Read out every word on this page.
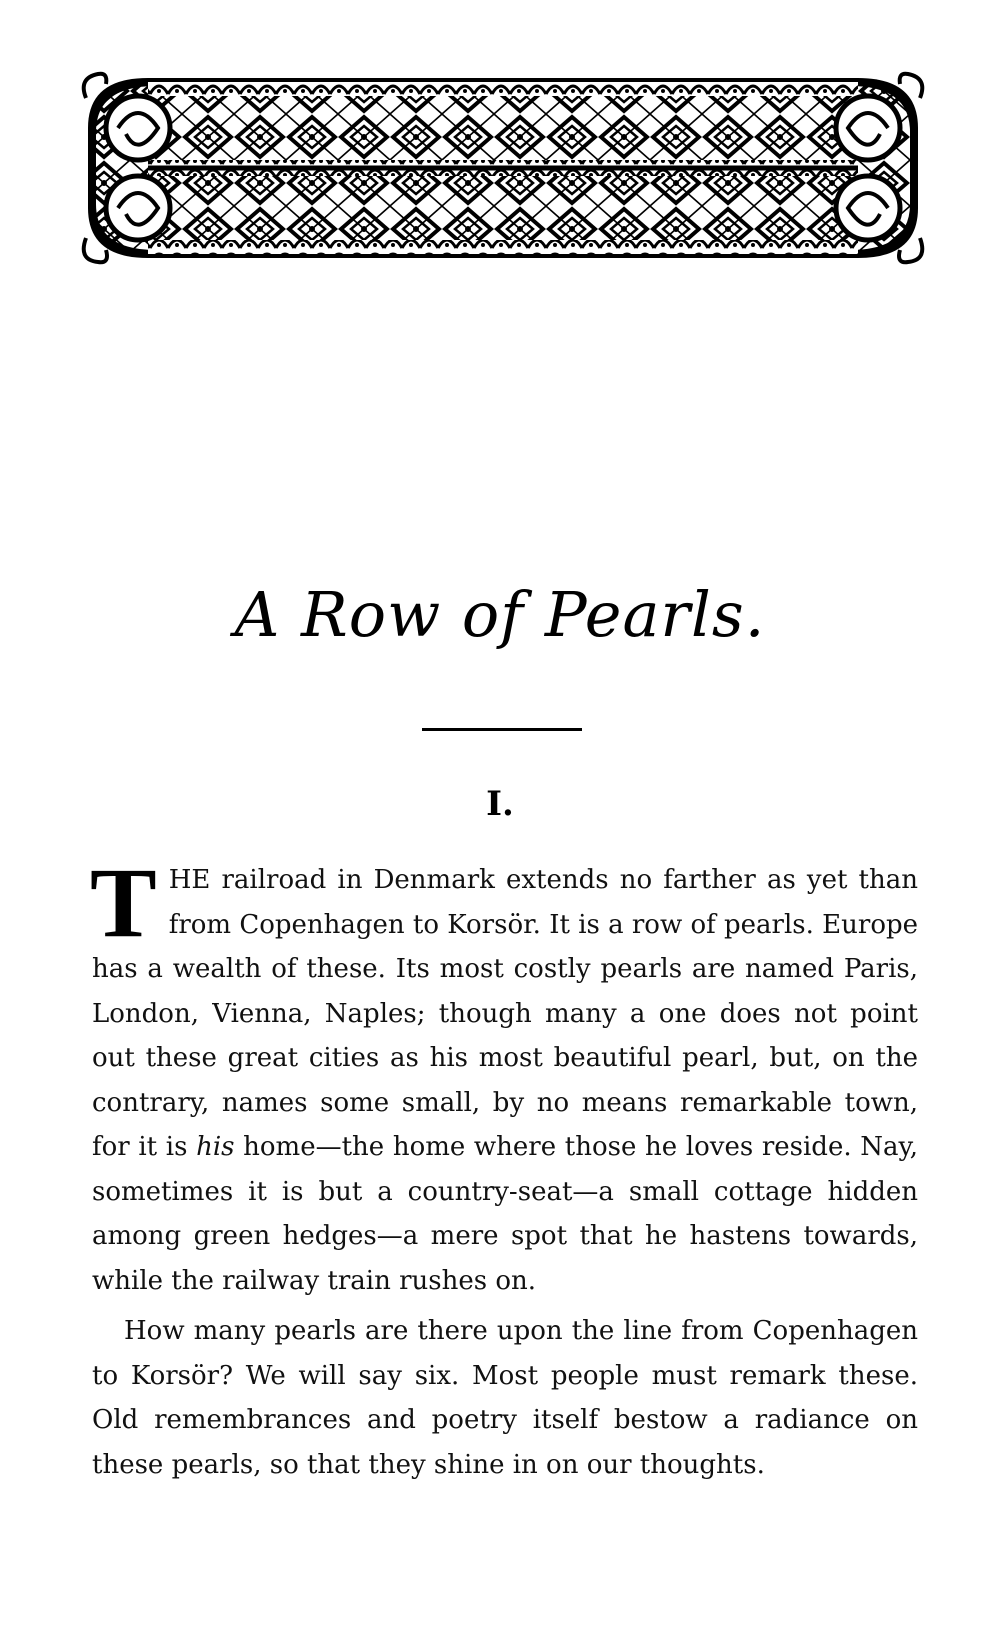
A Row of Pearls.
I.

THE railroad in Denmark extends no farther as yet than from Copenhagen to Korsör. It is a row of pearls. Europe has a wealth of these. Its most costly pearls are named Paris, London, Vienna, Naples; though many a one does not point out these great cities as his most beautiful pearl, but, on the contrary, names some small, by no means remarkable town, for it is his home—the home where those he loves reside. Nay, sometimes it is but a country-seat—a small cottage hidden among green hedges—a mere spot that he hastens towards, while the railway train rushes on.

How many pearls are there upon the line from Copenhagen to Korsör? We will say six. Most people must remark these. Old remembrances and poetry itself bestow a radiance on these pearls, so that they shine in on our thoughts.
